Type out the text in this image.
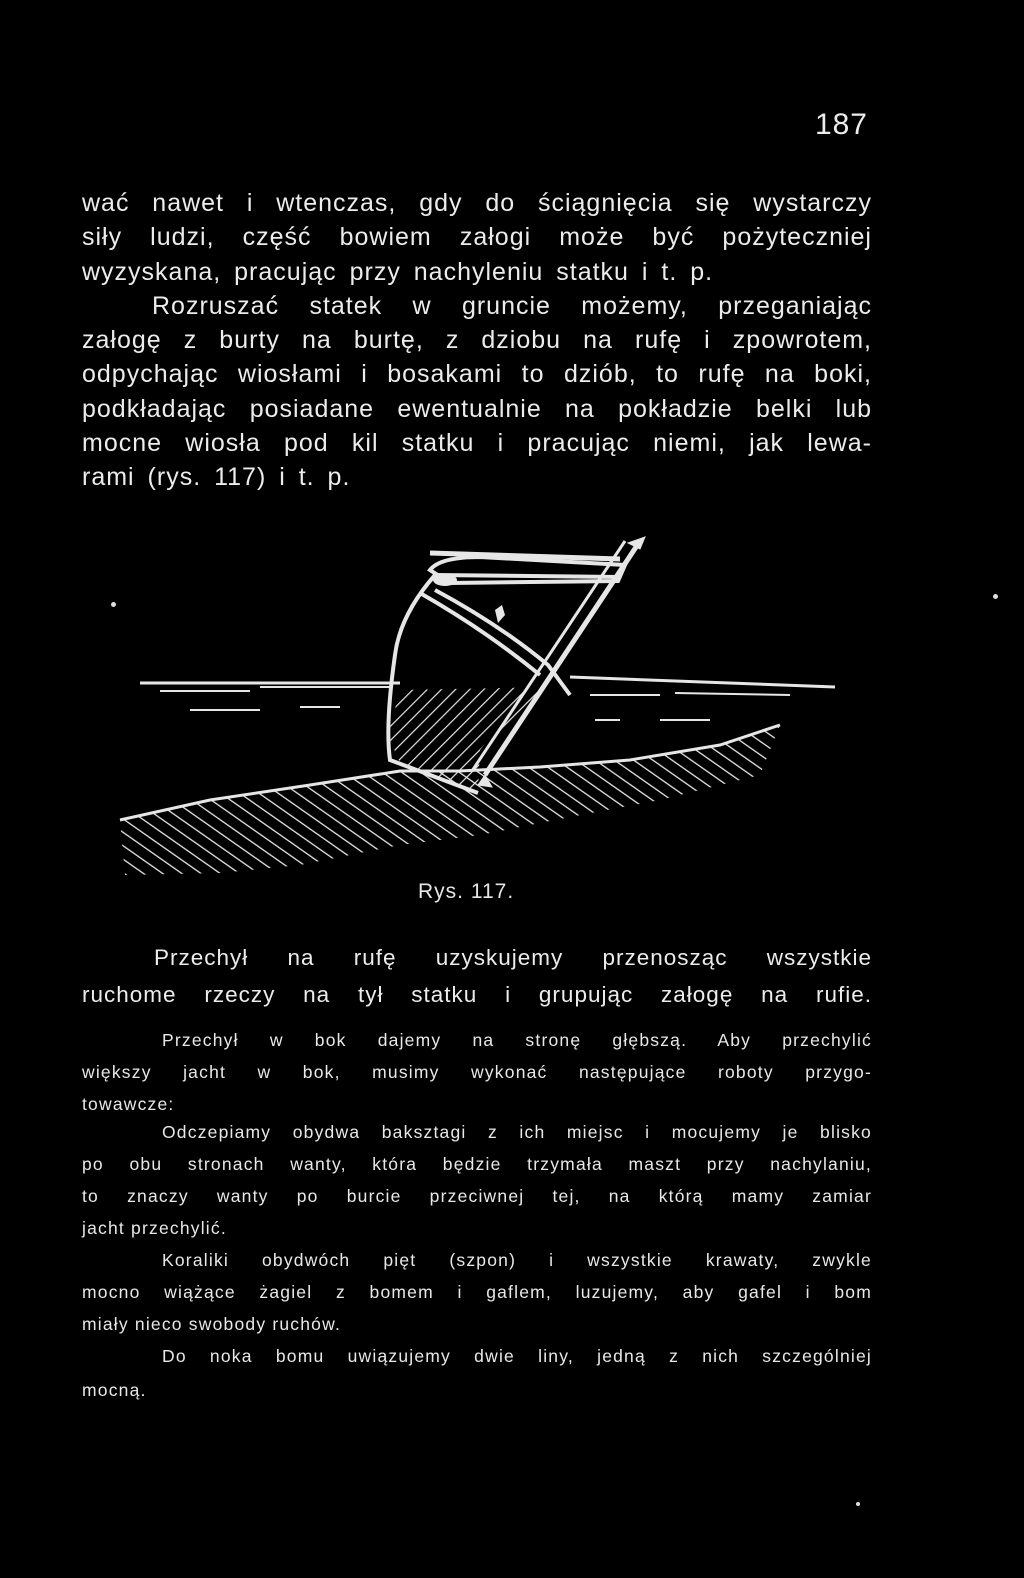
187
wać nawet i wtenczas, gdy do ściągnięcia się wystarczy
siły ludzi, część bowiem załogi może być pożyteczniej
wyzyskana, pracując przy nachyleniu statku i t. p.
Rozruszać statek w gruncie możemy, przeganiając
załogę z burty na burtę, z dziobu na rufę i zpowrotem,
odpychając wiosłami i bosakami to dziób, to rufę na boki,
podkładając posiadane ewentualnie na pokładzie belki lub
mocne wiosła pod kil statku i pracując niemi, jak lewa-
rami (rys. 117) i t. p.
Rys. 117.
Przechył na rufę uzyskujemy przenosząc wszystkie
ruchome rzeczy na tył statku i grupując załogę na rufie.
Przechył w bok dajemy na stronę głębszą. Aby przechylić
większy jacht w bok, musimy wykonać następujące roboty przygo-
towawcze:
Odczepiamy obydwa baksztagi z ich miejsc i mocujemy je blisko
po obu stronach wanty, która będzie trzymała maszt przy nachylaniu,
to znaczy wanty po burcie przeciwnej tej, na którą mamy zamiar
jacht przechylić.
Koraliki obydwóch pięt (szpon) i wszystkie krawaty, zwykle
mocno wiążące żagiel z bomem i gaflem, luzujemy, aby gafel i bom
miały nieco swobody ruchów.
Do noka bomu uwiązujemy dwie liny, jedną z nich szczególniej
mocną.
